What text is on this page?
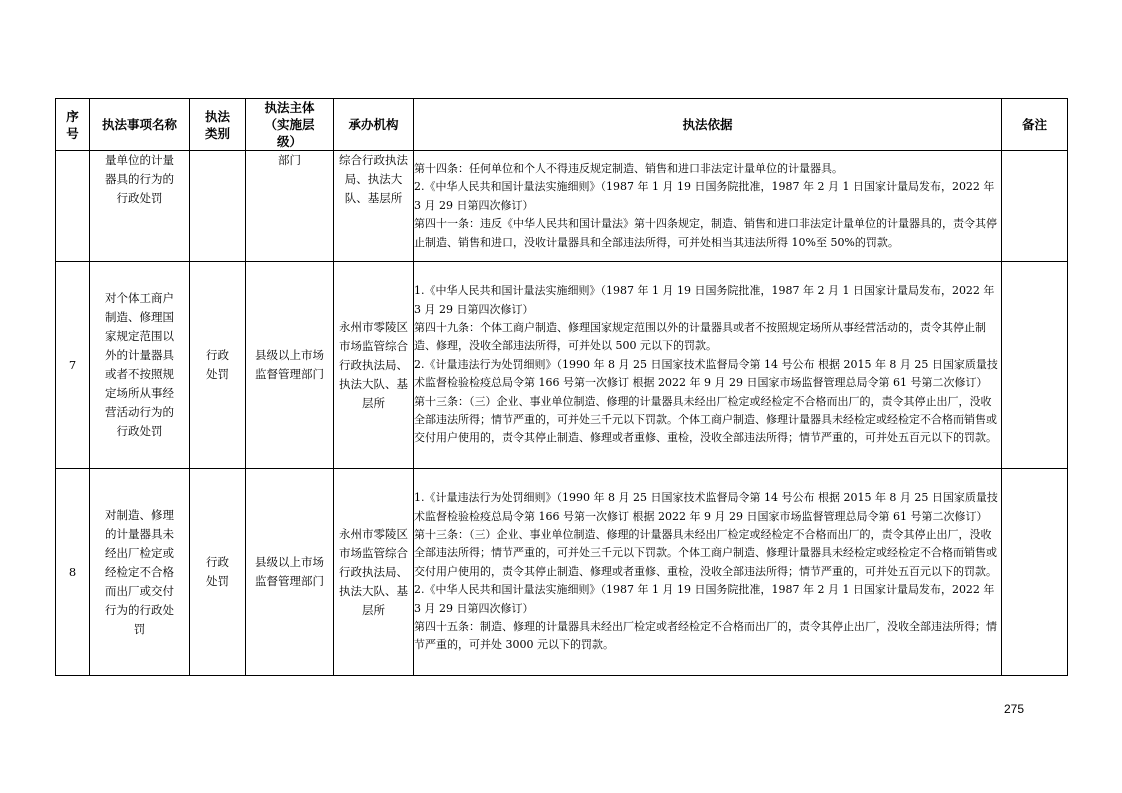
序号	执法事项名称	执法类别	执法主体（实施层级）	承办机构	执法依据	备注
	量单位的计量器具的行为的行政处罚		部门	综合行政执法局、执法大队、基层所	第十四条：任何单位和个人不得违反规定制造、销售和进口非法定计量单位的计量器具。
2.《中华人民共和国计量法实施细则》（1987 年 1 月 19 日国务院批准，1987 年 2 月 1 日国家计量局发布，2022 年 3 月 29 日第四次修订）
第四十一条：违反《中华人民共和国计量法》第十四条规定，制造、销售和进口非法定计量单位的计量器具的，责令其停止制造、销售和进口，没收计量器具和全部违法所得，可并处相当其违法所得 10%至 50%的罚款。	

7	对个体工商户制造、修理国家规定范围以外的计量器具或者不按照规定场所从事经营活动行为的行政处罚	行政处罚	县级以上市场监督管理部门	永州市零陵区市场监管综合行政执法局、执法大队、基层所	1.《中华人民共和国计量法实施细则》（1987 年 1 月 19 日国务院批准，1987 年 2 月 1 日国家计量局发布，2022 年 3 月 29 日第四次修订）
第四十九条：个体工商户制造、修理国家规定范围以外的计量器具或者不按照规定场所从事经营活动的，责令其停止制造、修理，没收全部违法所得，可并处以 500 元以下的罚款。
2.《计量违法行为处罚细则》（1990 年 8 月 25 日国家技术监督局令第 14 号公布 根据 2015 年 8 月 25 日国家质量技术监督检验检疫总局令第 166 号第一次修订 根据 2022 年 9 月 29 日国家市场监督管理总局令第 61 号第二次修订）
第十三条：（三）企业、事业单位制造、修理的计量器具未经出厂检定或经检定不合格而出厂的，责令其停止出厂，没收全部违法所得；情节严重的，可并处三千元以下罚款。个体工商户制造、修理计量器具未经检定或经检定不合格而销售或交付用户使用的，责令其停止制造、修理或者重修、重检，没收全部违法所得；情节严重的，可并处五百元以下的罚款。	

8	对制造、修理的计量器具未经出厂检定或经检定不合格而出厂或交付行为的行政处罚	行政处罚	县级以上市场监督管理部门	永州市零陵区市场监管综合行政执法局、执法大队、基层所	1.《计量违法行为处罚细则》（1990 年 8 月 25 日国家技术监督局令第 14 号公布 根据 2015 年 8 月 25 日国家质量技术监督检验检疫总局令第 166 号第一次修订 根据 2022 年 9 月 29 日国家市场监督管理总局令第 61 号第二次修订）
第十三条：（三）企业、事业单位制造、修理的计量器具未经出厂检定或经检定不合格而出厂的，责令其停止出厂，没收全部违法所得；情节严重的，可并处三千元以下罚款。个体工商户制造、修理计量器具未经检定或经检定不合格而销售或交付用户使用的，责令其停止制造、修理或者重修、重检，没收全部违法所得；情节严重的，可并处五百元以下的罚款。
2.《中华人民共和国计量法实施细则》（1987 年 1 月 19 日国务院批准，1987 年 2 月 1 日国家计量局发布，2022 年 3 月 29 日第四次修订）
第四十五条：制造、修理的计量器具未经出厂检定或者经检定不合格而出厂的，责令其停止出厂，没收全部违法所得；情节严重的，可并处 3000 元以下的罚款。	

275
